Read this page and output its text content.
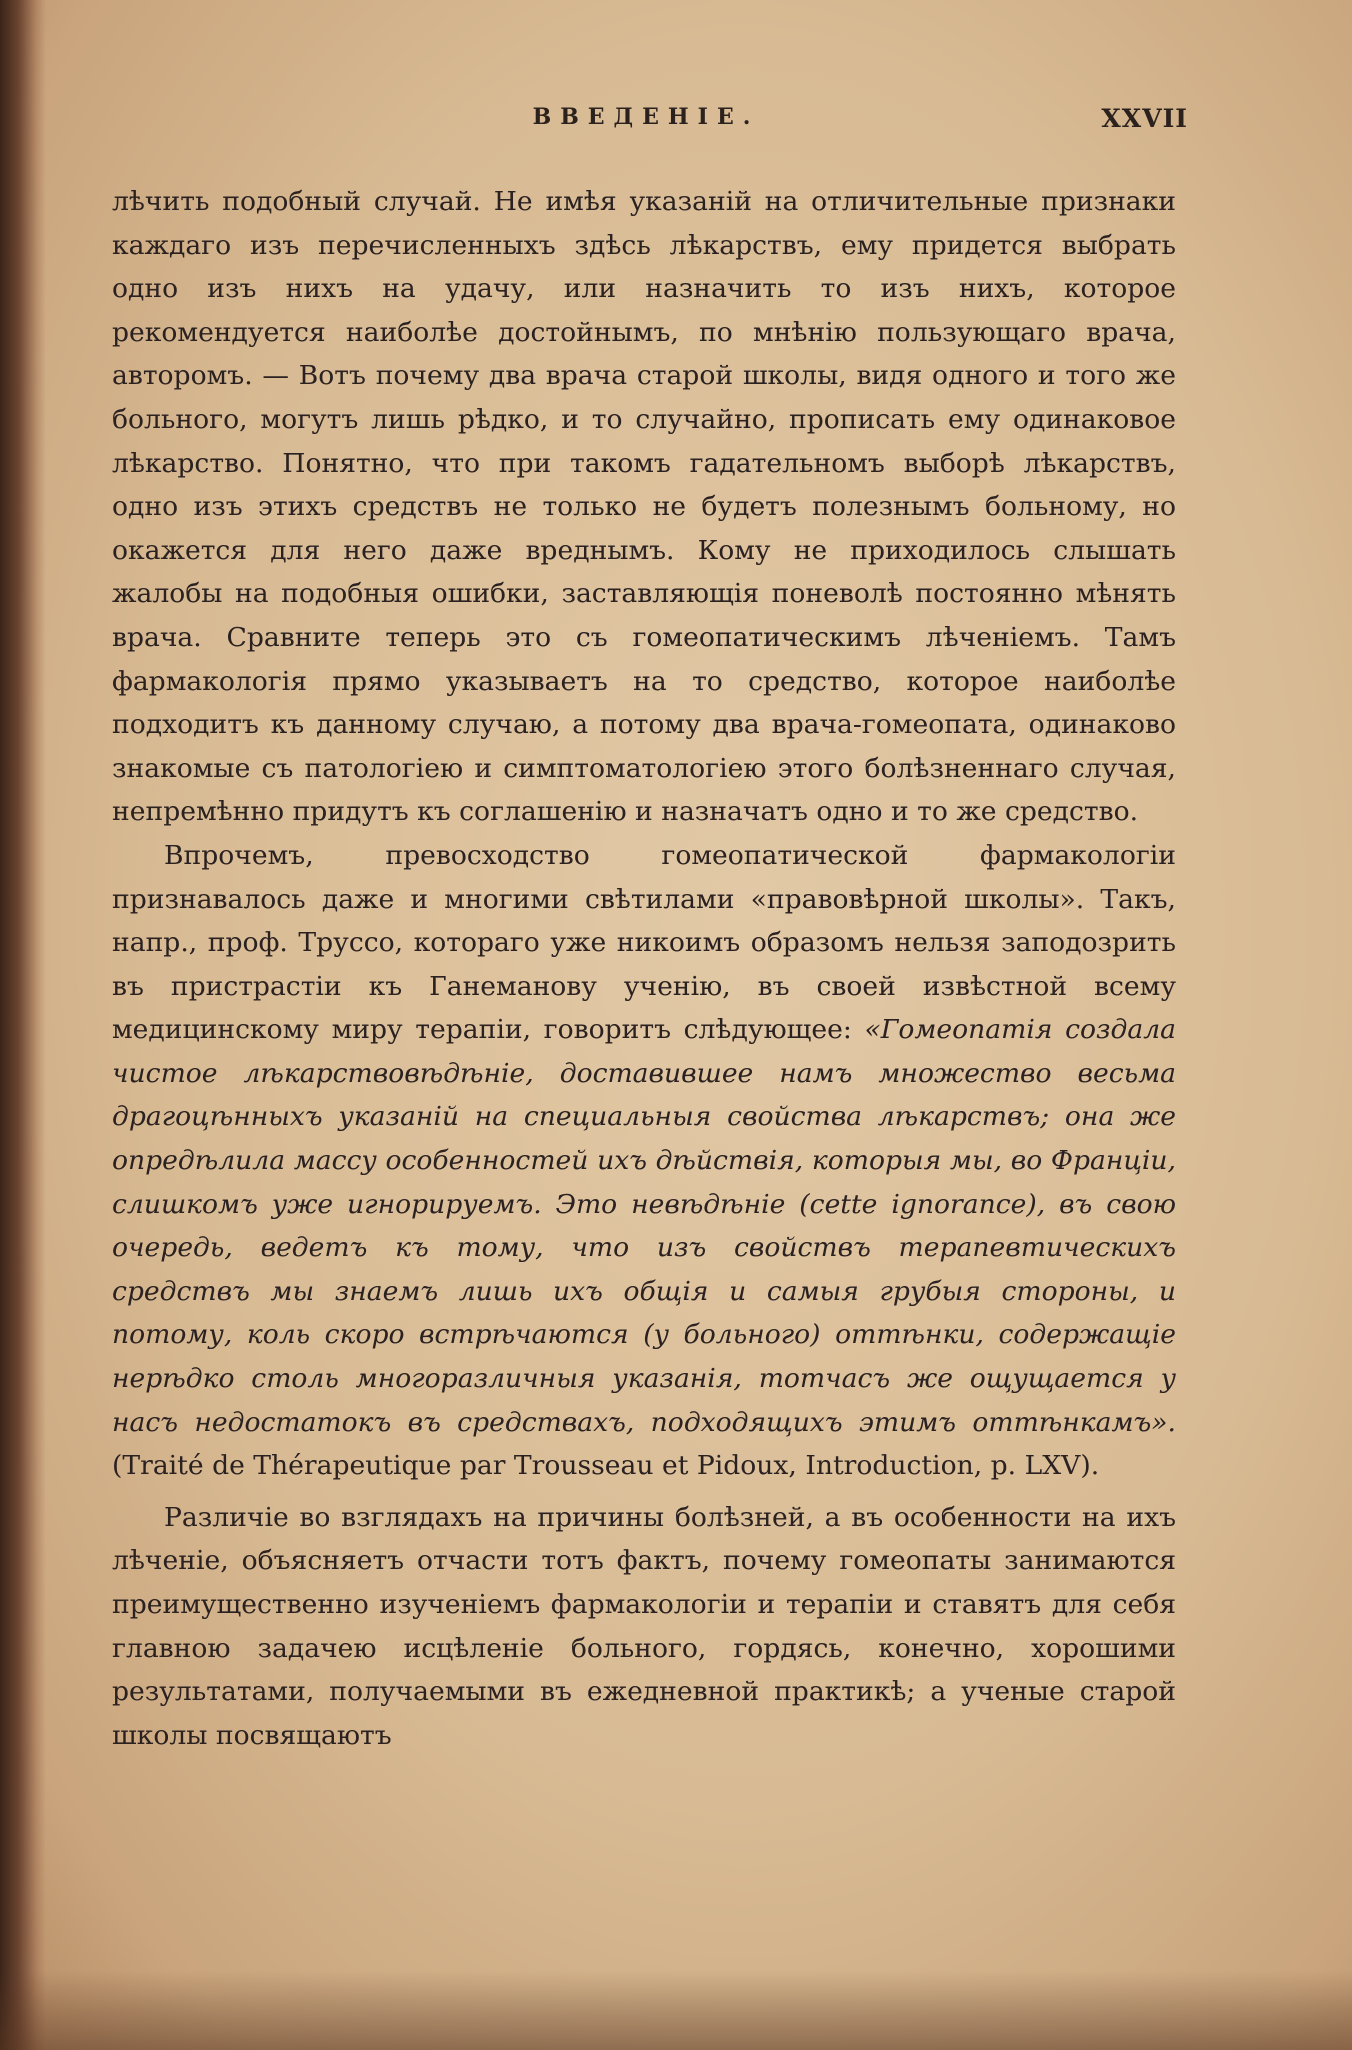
ВВЕДЕНIЕ.	XXVII

лѣчить подобный случай. Не имѣя указаній на отличительные признаки каждаго изъ перечисленныхъ здѣсь лѣкарствъ, ему придется выбрать одно изъ нихъ на удачу, или назначить то изъ нихъ, которое рекомендуется наиболѣе достойнымъ, по мнѣнію пользующаго врача, авторомъ. — Вотъ почему два врача старой школы, видя одного и того же больного, могутъ лишь рѣдко, и то случайно, прописать ему одинаковое лѣкарство. Понятно, что при такомъ гадательномъ выборѣ лѣкарствъ, одно изъ этихъ средствъ не только не будетъ полезнымъ больному, но окажется для него даже вреднымъ. Кому не приходилось слышать жалобы на подобныя ошибки, заставляющія поневолѣ постоянно мѣнять врача. Сравните теперь это съ гомеопатическимъ лѣченіемъ. Тамъ фармакологія прямо указываетъ на то средство, которое наиболѣе подходитъ къ данному случаю, а потому два врача-гомеопата, одинаково знакомые съ патологіею и симптоматологіею этого болѣзненнаго случая, непремѣнно придутъ къ соглашенію и назначатъ одно и то же средство.

Впрочемъ, превосходство гомеопатической фармакологіи признавалось даже и многими свѣтилами «правовѣрной школы». Такъ, напр., проф. Труссо, котораго уже никоимъ образомъ нельзя заподозрить въ пристрастіи къ Ганеманову ученію, въ своей извѣстной всему медицинскому миру терапіи, говоритъ слѣдующее: «Гомеопатія создала чистое лѣкарствовѣдѣніе, доставившее намъ множество весьма драгоцѣнныхъ указаній на специальныя свойства лѣкарствъ; она же опредѣлила массу особенностей ихъ дѣйствія, которыя мы, во Франціи, слишкомъ уже игнорируемъ. Это невѣдѣніе (cette ignorance), въ свою очередь, ведетъ къ тому, что изъ свойствъ терапевтическихъ средствъ мы знаемъ лишь ихъ общія и самыя грубыя стороны, и потому, коль скоро встрѣчаются (у больного) оттѣнки, содержащіе нерѣдко столь многоразличныя указанія, тотчасъ же ощущается у насъ недостатокъ въ средствахъ, подходящихъ этимъ оттѣнкамъ». (Traité de Thérapeutique par Trousseau et Pidoux, Introduction, p. LXV).

Различіе во взглядахъ на причины болѣзней, а въ особенности на ихъ лѣченіе, объясняетъ отчасти тотъ фактъ, почему гомеопаты занимаются преимущественно изученіемъ фармакологіи и терапіи и ставятъ для себя главною задачею исцѣленіе больного, гордясь, конечно, хорошими результатами, получаемыми въ ежедневной практикѣ; а ученые старой школы посвящаютъ
